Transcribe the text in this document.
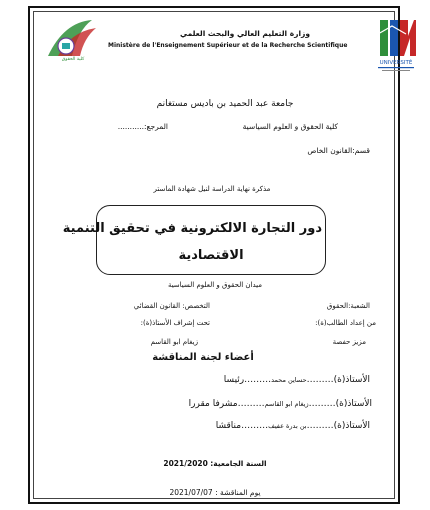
كلية الحقوق
UNIVERSITÉ
وزارة التعليم العالي والبحث العلمي
Ministère de l'Enseignement Supérieur et de la Recherche Scientifique
جامعة عبد الحميد بن باديس مستغانم
كلية الحقوق و العلوم السياسية
المرجع:...........
قسم:القانون الخاص
مذكرة نهاية الدراسة لنيل شهادة الماستر
دور التجارة الالكترونية في تحقيق التنمية
الاقتصادية
ميدان الحقوق و العلوم السياسية
الشعبة:الحقوق
التخصص: القانون القضائي
من إعداد الطالب(ة):
تحت إشراف الأستاذ(ة):
مزيز حفصة
زيغام ابو القاسم
أعضاء لجنة المناقشة
الأستاذ(ة)………حساين محمد………رئيسا
الأستاذ(ة)………زيغام ابو القاسم………مشرفا مقررا
الأستاذ(ة)………بن بدرة عفيف………مناقشا
السنة الجامعية: 2021/2020
يوم المناقشة : 2021/07/07
